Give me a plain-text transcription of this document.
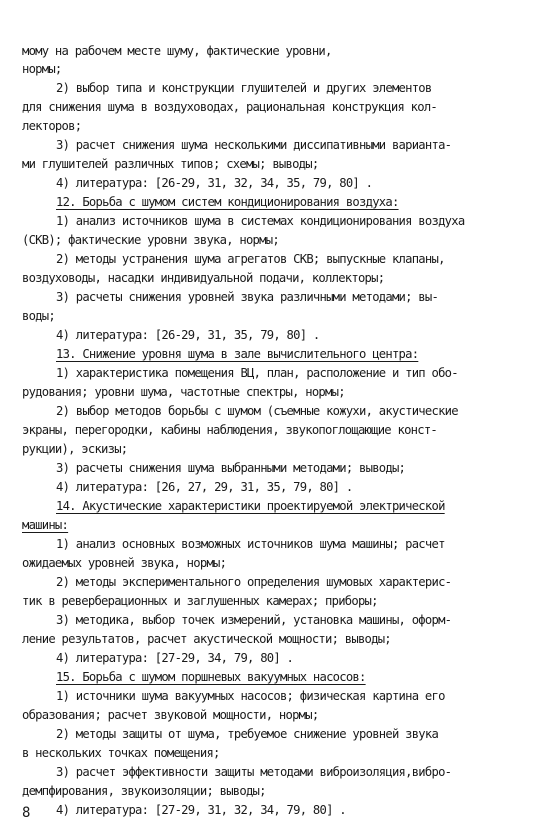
мому на рабочем месте шуму, фактические уровни,
нормы;
2) выбор типа и конструкции глушителей и других элементов
для снижения шума в воздуховодах, рациональная конструкция кол-
лекторов;
3) расчет снижения шума несколькими диссипативными варианта-
ми глушителей различных типов; схемы; выводы;
4) литература: [26-29, 31, 32, 34, 35, 79, 80] .
12. Борьба с шумом систем кондиционирования воздуха:
1) анализ источников шума в системах кондиционирования воздуха
(СКВ); фактические уровни звука, нормы;
2) методы устранения шума агрегатов СКВ; выпускные клапаны,
воздуховоды, насадки индивидуальной подачи, коллекторы;
3) расчеты снижения уровней звука различными методами; вы-
воды;
4) литература: [26-29, 31, 35, 79, 80] .
13. Снижение уровня шума в зале вычислительного центра:
1) характеристика помещения ВЦ, план, расположение и тип обо-
рудования; уровни шума, частотные спектры, нормы;
2) выбор методов борьбы с шумом (съемные кожухи, акустические
экраны, перегородки, кабины наблюдения, звукопоглощающие конст-
рукции), эскизы;
3) расчеты снижения шума выбранными методами; выводы;
4) литература: [26, 27, 29, 31, 35, 79, 80] .
14. Акустические характеристики проектируемой электрической
машины:
1) анализ основных возможных источников шума машины; расчет
ожидаемых уровней звука, нормы;
2) методы экспериментального определения шумовых характерис-
тик в реверберационных и заглушенных камерах; приборы;
3) методика, выбор точек измерений, установка машины, оформ-
ление результатов, расчет акустической мощности; выводы;
4) литература: [27-29, 34, 79, 80] .
15. Борьба с шумом поршневых вакуумных насосов:
1) источники шума вакуумных насосов; физическая картина его
образования; расчет звуковой мощности, нормы;
2) методы защиты от шума, требуемое снижение уровней звука
в нескольких точках помещения;
3) расчет эффективности защиты методами виброизоляция,вибро-
демпфирования, звукоизоляции; выводы;
4) литература: [27-29, 31, 32, 34, 79, 80] .
8
